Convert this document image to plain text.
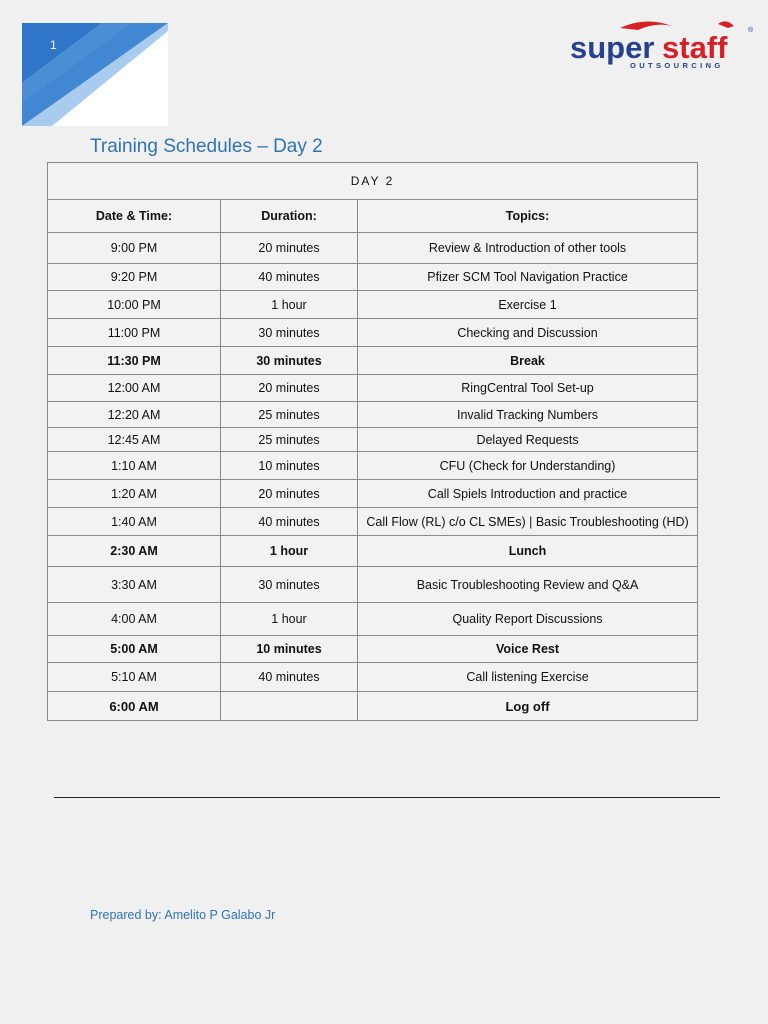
1	super staff	®
OUTSOURCING
Training Schedules – Day 2
DAY 2		
Date & Time:	Duration:	Topics:
9:00 PM	20 minutes	Review & Introduction of other tools
9:20 PM	40 minutes	Pfizer SCM Tool Navigation Practice
10:00 PM	1 hour	Exercise 1
11:00 PM	30 minutes	Checking and Discussion
11:30 PM	30 minutes	Break
12:00 AM	20 minutes	RingCentral Tool Set-up
12:20 AM	25 minutes	Invalid Tracking Numbers
12:45 AM	25 minutes	Delayed Requests
1:10 AM	10 minutes	CFU (Check for Understanding)
1:20 AM	20 minutes	Call Spiels Introduction and practice
1:40 AM	40 minutes	Call Flow (RL) c/o CL SMEs) | Basic Troubleshooting (HD)
2:30 AM	1 hour	Lunch
3:30 AM	30 minutes	Basic Troubleshooting Review and Q&A
4:00 AM	1 hour	Quality Report Discussions
5:00 AM	10 minutes	Voice Rest
5:10 AM	40 minutes	Call listening Exercise
6:00 AM		Log off
Prepared by: Amelito P Galabo Jr
